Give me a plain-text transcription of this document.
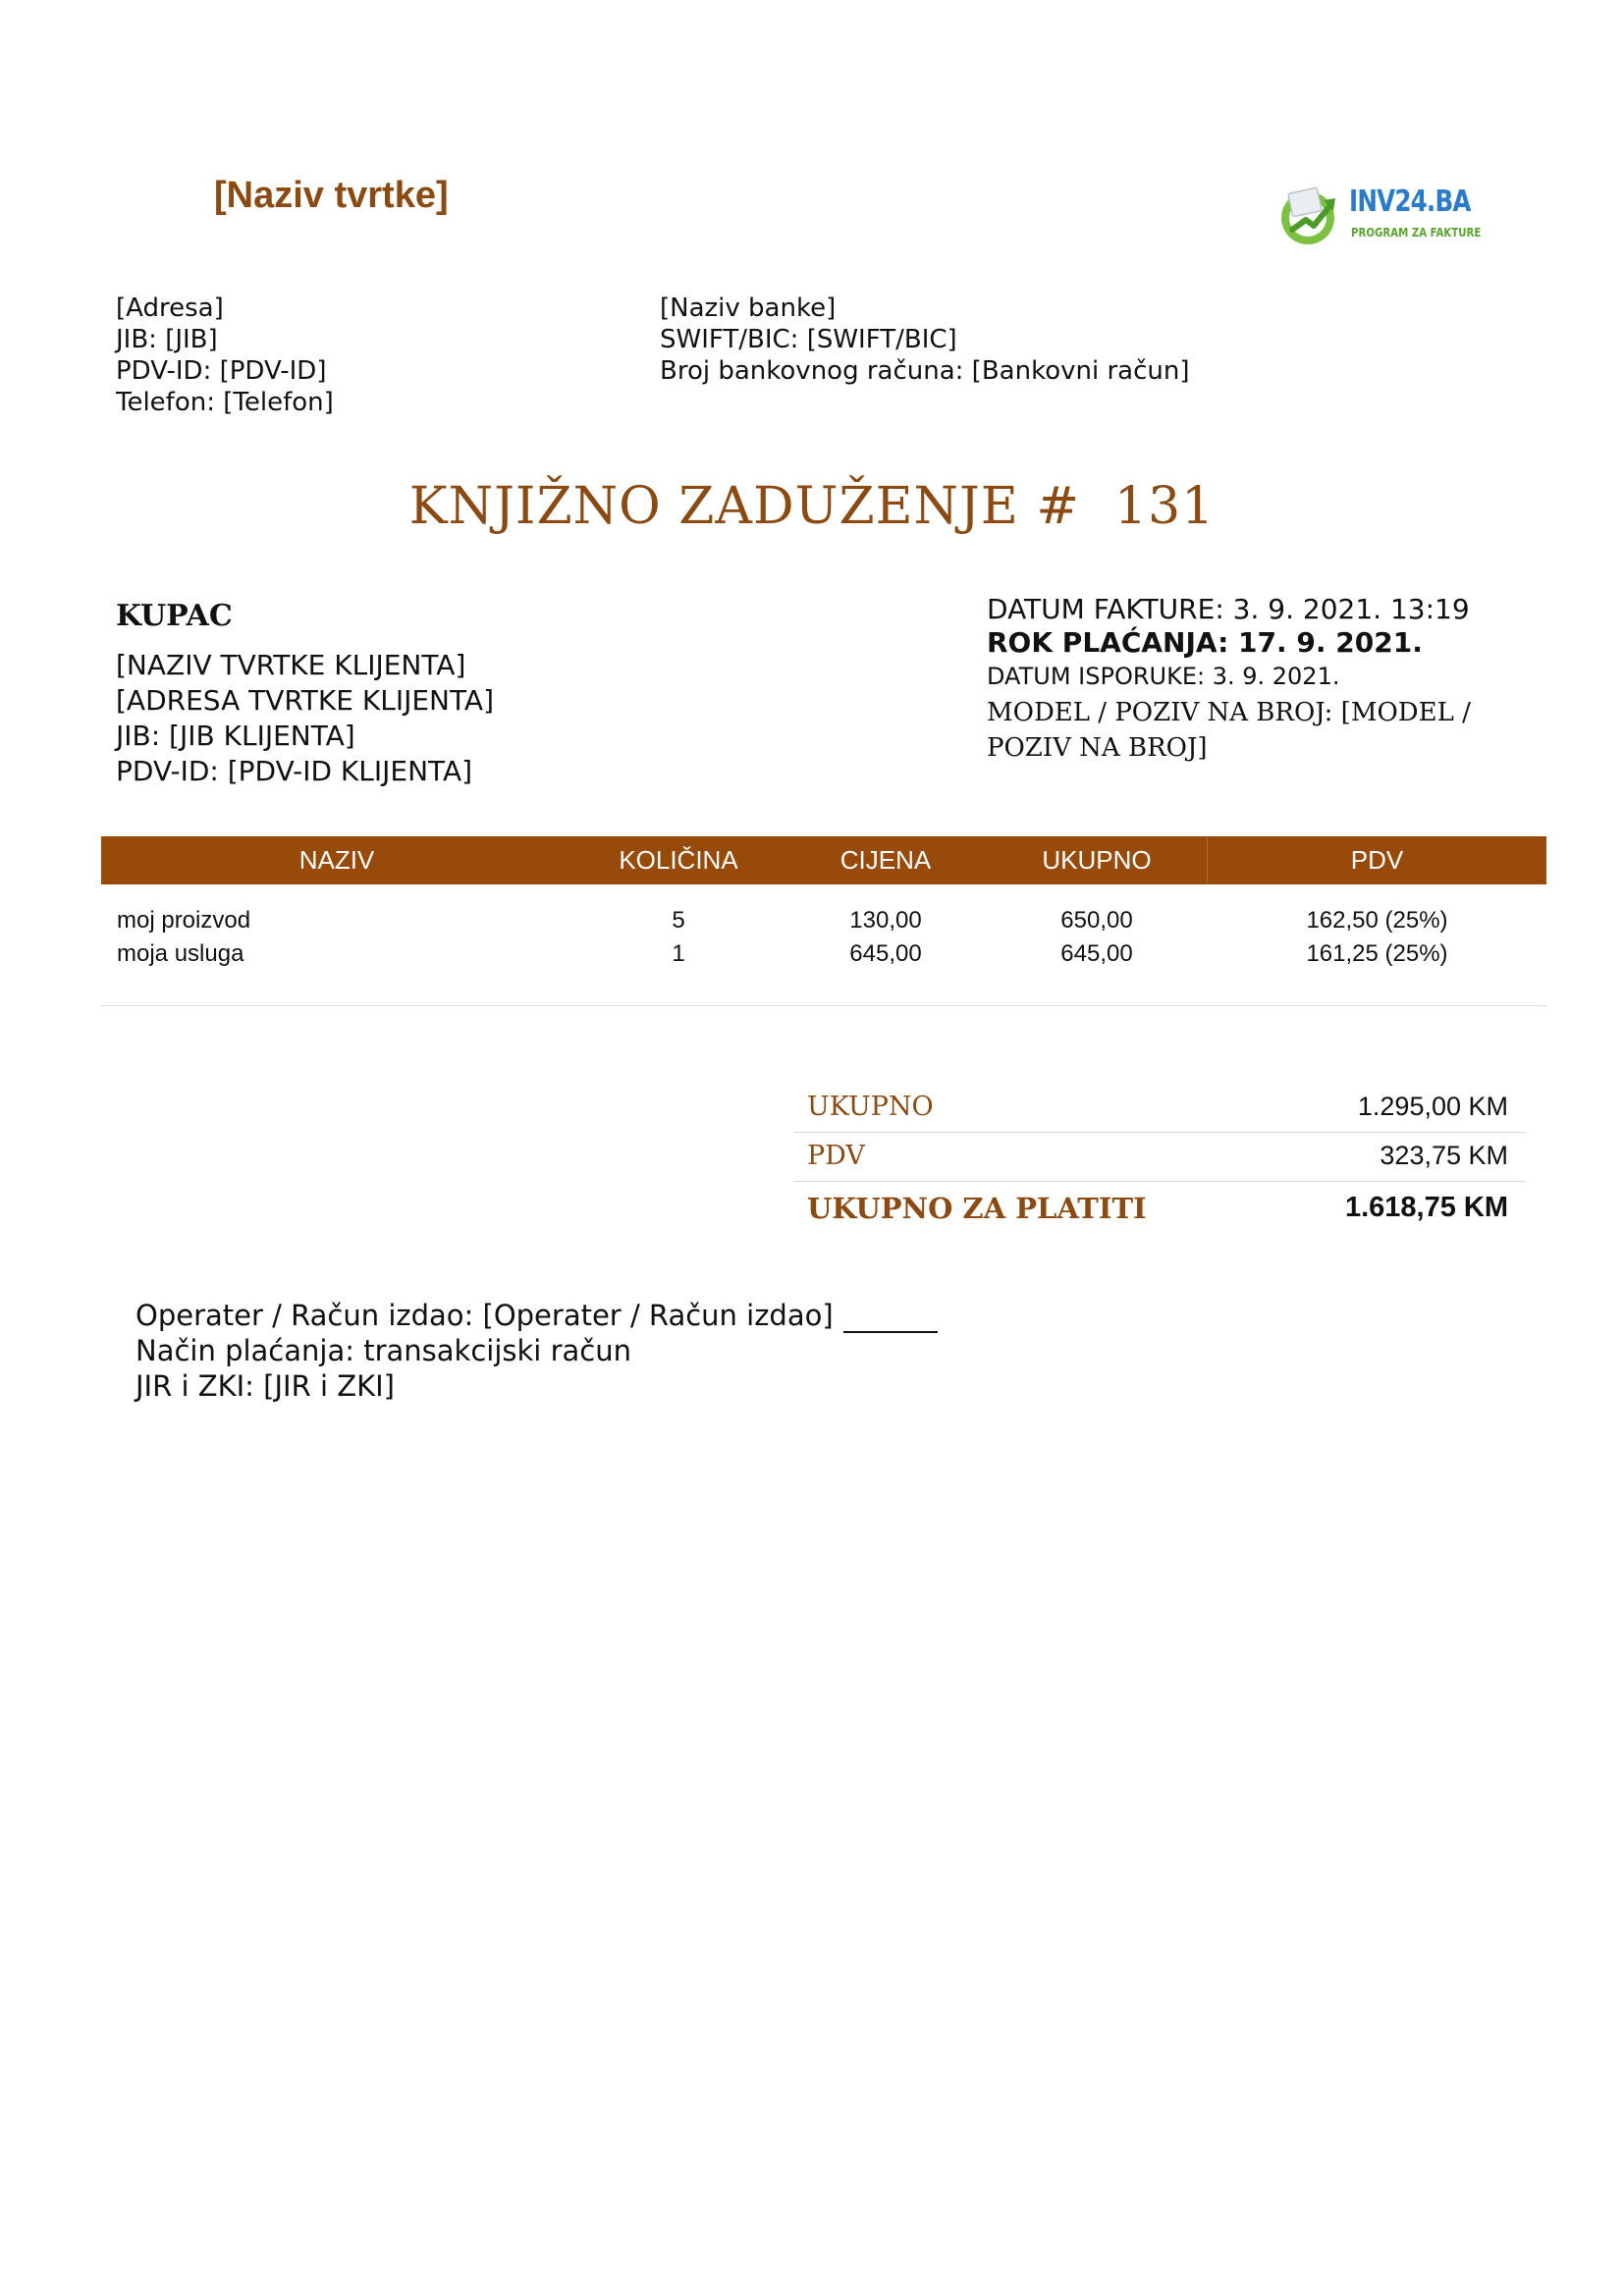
[Naziv tvrtke]	INV24.BA
PROGRAM ZA FAKTURE
[Adresa]
JIB: [JIB]
PDV-ID: [PDV-ID]
Telefon: [Telefon]
[Naziv banke]
SWIFT/BIC: [SWIFT/BIC]
Broj bankovnog računa: [Bankovni račun]
KNJIŽNO ZADUŽENJE #  131
KUPAC
[NAZIV TVRTKE KLIJENTA]
[ADRESA TVRTKE KLIJENTA]
JIB: [JIB KLIJENTA]
PDV-ID: [PDV-ID KLIJENTA]
DATUM FAKTURE: 3. 9. 2021. 13:19
ROK PLAĆANJA: 17. 9. 2021.
DATUM ISPORUKE: 3. 9. 2021.
MODEL / POZIV NA BROJ: [MODEL / POZIV NA BROJ]
NAZIV	KOLIČINA	CIJENA	UKUPNO	PDV
moj proizvod	5	130,00	650,00	162,50 (25%)
moja usluga	1	645,00	645,00	161,25 (25%)
UKUPNO	1.295,00 KM
PDV	323,75 KM
UKUPNO ZA PLATITI	1.618,75 KM
Operater / Račun izdao: [Operater / Račun izdao]
Način plaćanja: transakcijski račun
JIR i ZKI: [JIR i ZKI]
